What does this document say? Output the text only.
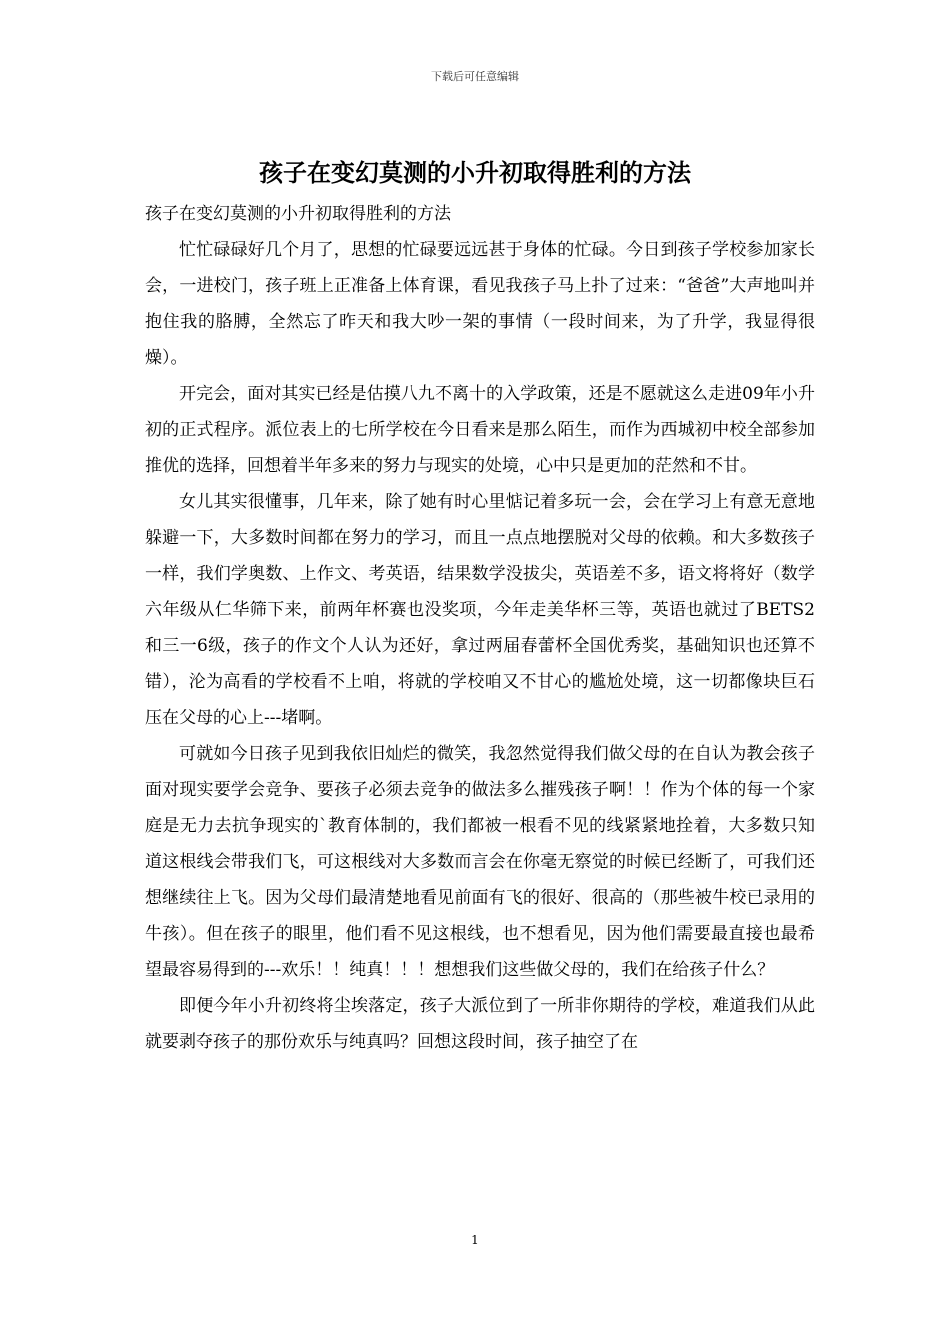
下载后可任意编辑
孩子在变幻莫测的小升初取得胜利的方法

孩子在变幻莫测的小升初取得胜利的方法

忙忙碌碌好几个月了，思想的忙碌要远远甚于身体的忙碌。今日到孩子学校参加家长会，一进校门，孩子班上正准备上体育课，看见我孩子马上扑了过来：“爸爸”大声地叫并抱住我的胳膊，全然忘了昨天和我大吵一架的事情（一段时间来，为了升学，我显得很燥）。

开完会，面对其实已经是估摸八九不离十的入学政策，还是不愿就这么走进09年小升初的正式程序。派位表上的七所学校在今日看来是那么陌生，而作为西城初中校全部参加推优的选择，回想着半年多来的努力与现实的处境，心中只是更加的茫然和不甘。

女儿其实很懂事，几年来，除了她有时心里惦记着多玩一会，会在学习上有意无意地躲避一下，大多数时间都在努力的学习，而且一点点地摆脱对父母的依赖。和大多数孩子一样，我们学奥数、上作文、考英语，结果数学没拔尖，英语差不多，语文将将好（数学六年级从仁华筛下来，前两年杯赛也没奖项，今年走美华杯三等，英语也就过了BETS2和三一6级，孩子的作文个人认为还好，拿过两届春蕾杯全国优秀奖，基础知识也还算不错），沦为高看的学校看不上咱，将就的学校咱又不甘心的尴尬处境，这一切都像块巨石压在父母的心上---堵啊。

可就如今日孩子见到我依旧灿烂的微笑，我忽然觉得我们做父母的在自认为教会孩子面对现实要学会竞争、要孩子必须去竞争的做法多么摧残孩子啊！！作为个体的每一个家庭是无力去抗争现实的`教育体制的，我们都被一根看不见的线紧紧地拴着，大多数只知道这根线会带我们飞，可这根线对大多数而言会在你毫无察觉的时候已经断了，可我们还想继续往上飞。因为父母们最清楚地看见前面有飞的很好、很高的（那些被牛校已录用的牛孩）。但在孩子的眼里，他们看不见这根线，也不想看见，因为他们需要最直接也最希望最容易得到的---欢乐！！纯真！！！想想我们这些做父母的，我们在给孩子什么？

即便今年小升初终将尘埃落定，孩子大派位到了一所非你期待的学校，难道我们从此就要剥夺孩子的那份欢乐与纯真吗？回想这段时间，孩子抽空了在

1
